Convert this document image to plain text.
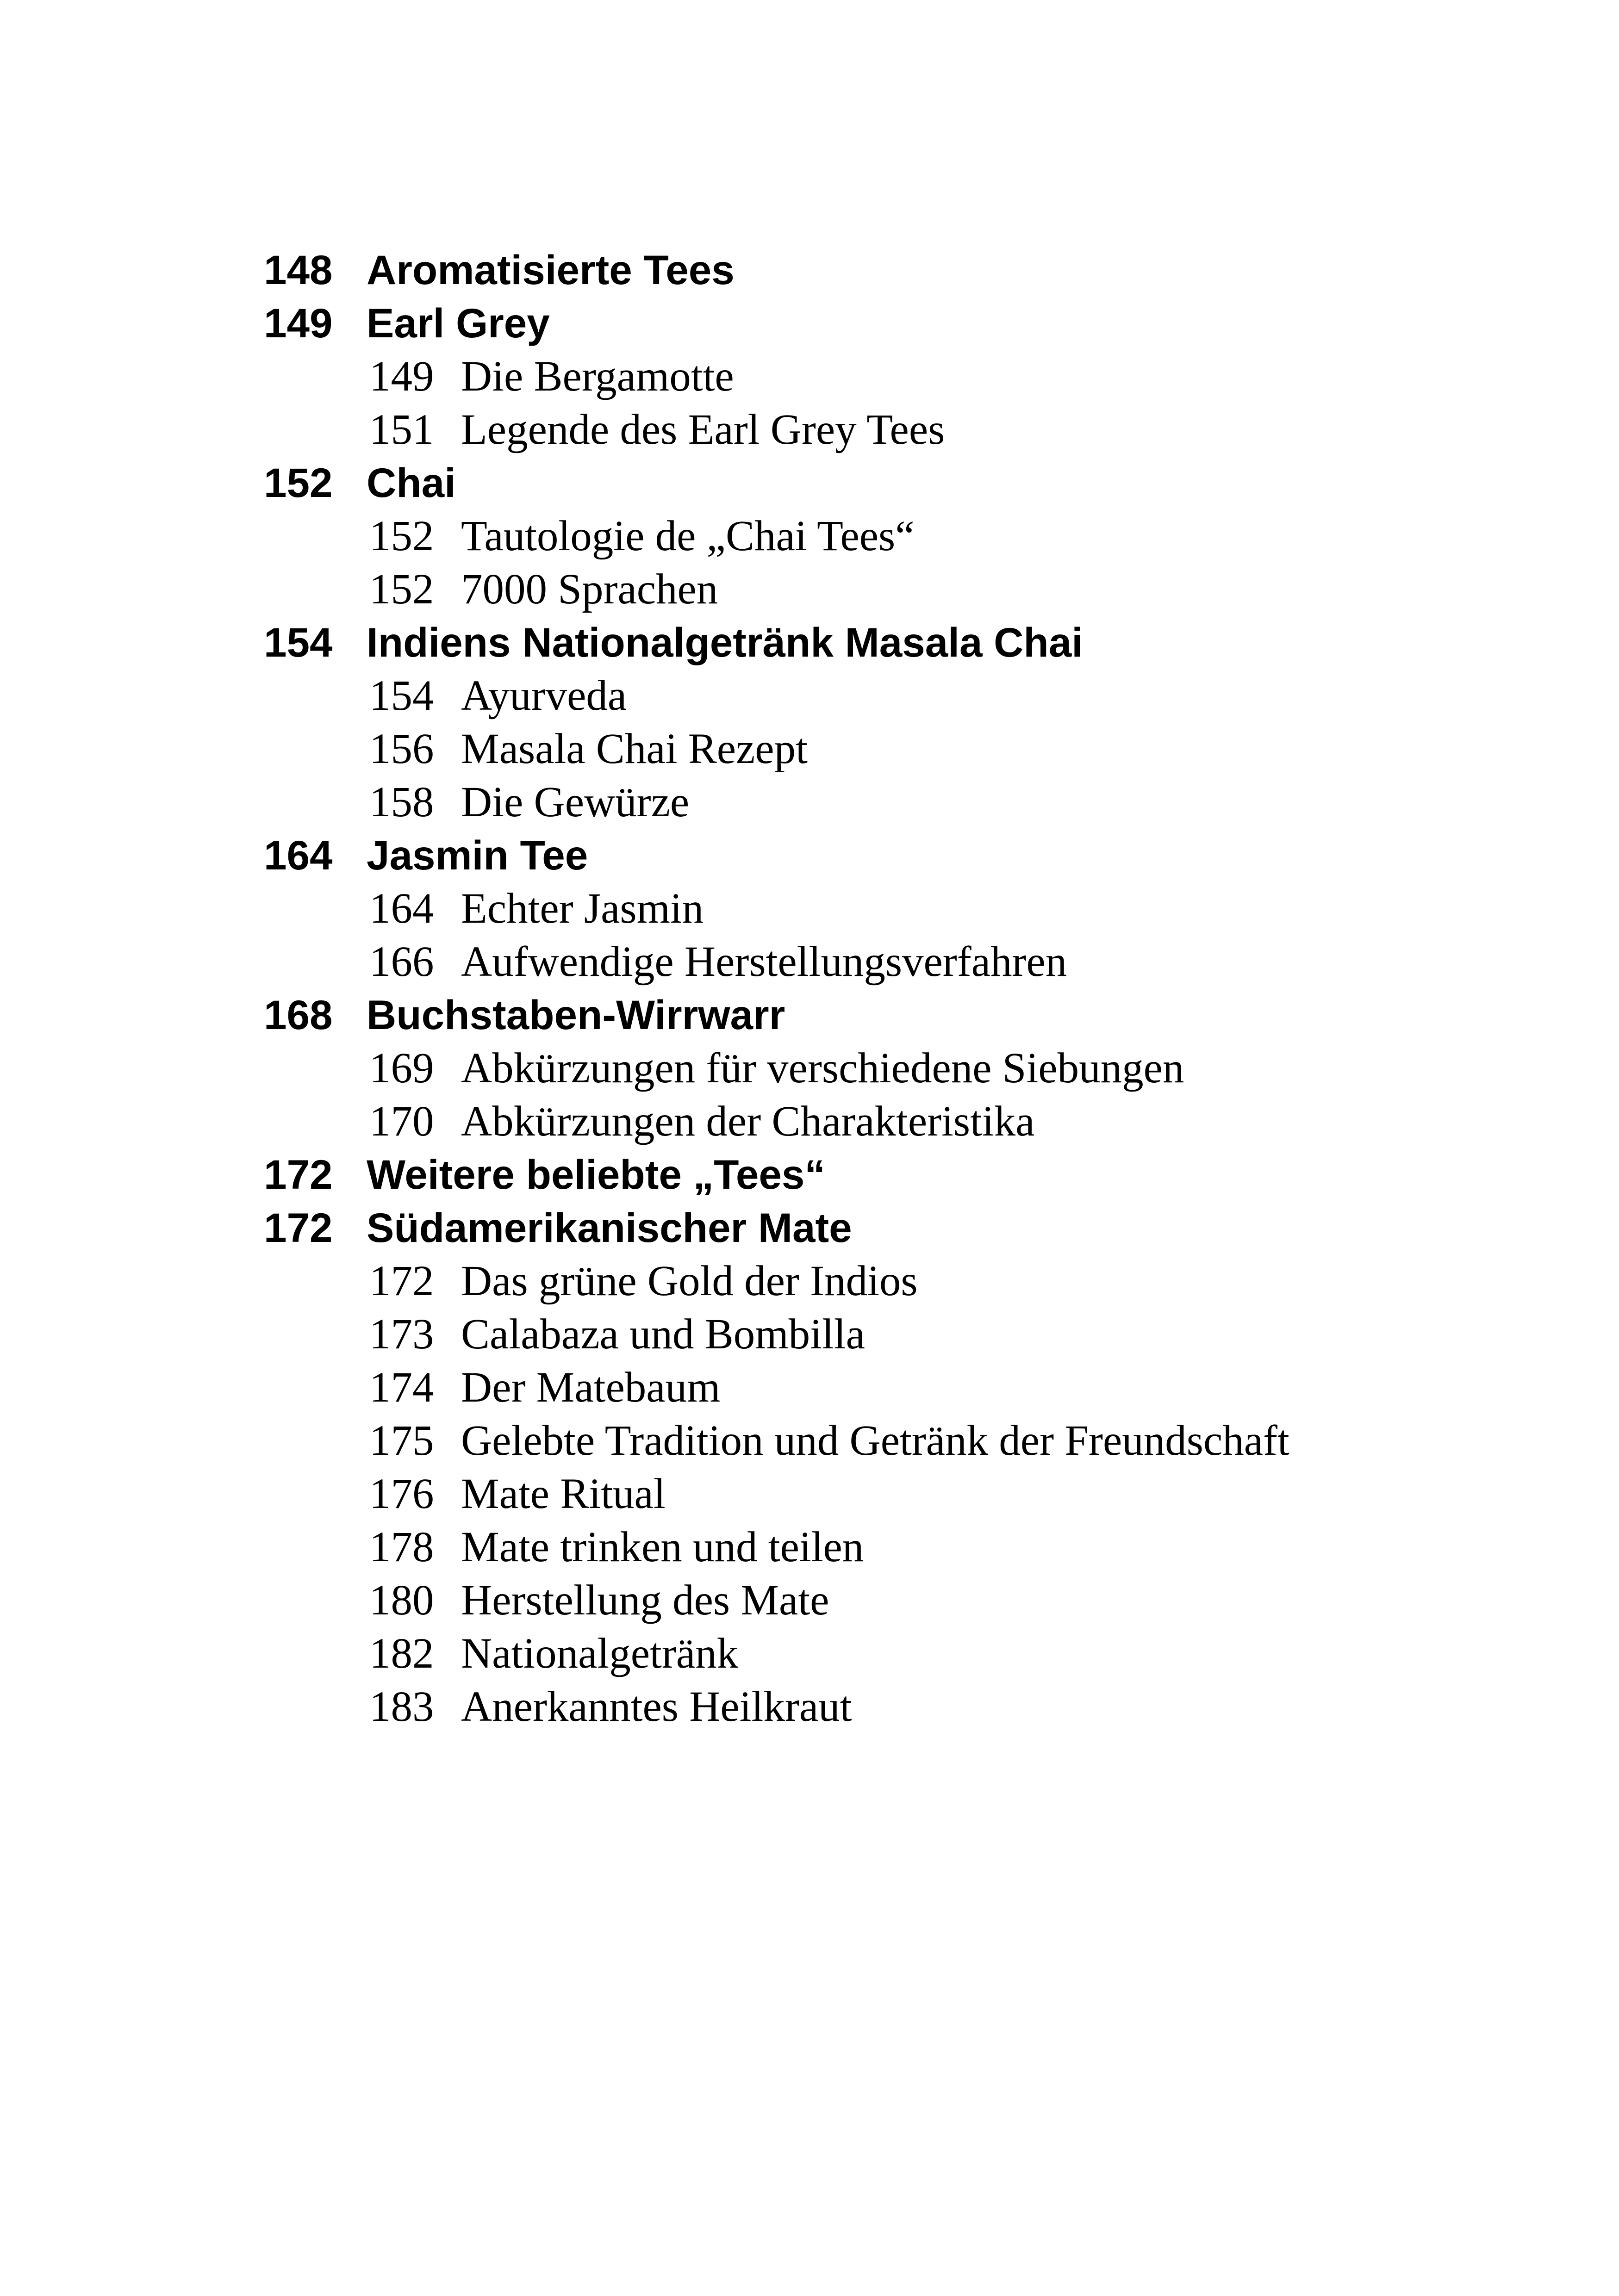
148 Aromatisierte Tees
149 Earl Grey
149 Die Bergamotte
151 Legende des Earl Grey Tees
152 Chai
152 Tautologie de „Chai Tees“
152 7000 Sprachen
154 Indiens Nationalgetränk Masala Chai
154 Ayurveda
156 Masala Chai Rezept
158 Die Gewürze
164 Jasmin Tee
164 Echter Jasmin
166 Aufwendige Herstellungsverfahren
168 Buchstaben-Wirrwarr
169 Abkürzungen für verschiedene Siebungen
170 Abkürzungen der Charakteristika
172 Weitere beliebte „Tees“
172 Südamerikanischer Mate
172 Das grüne Gold der Indios
173 Calabaza und Bombilla
174 Der Matebaum
175 Gelebte Tradition und Getränk der Freundschaft
176 Mate Ritual
178 Mate trinken und teilen
180 Herstellung des Mate
182 Nationalgetränk
183 Anerkanntes Heilkraut
